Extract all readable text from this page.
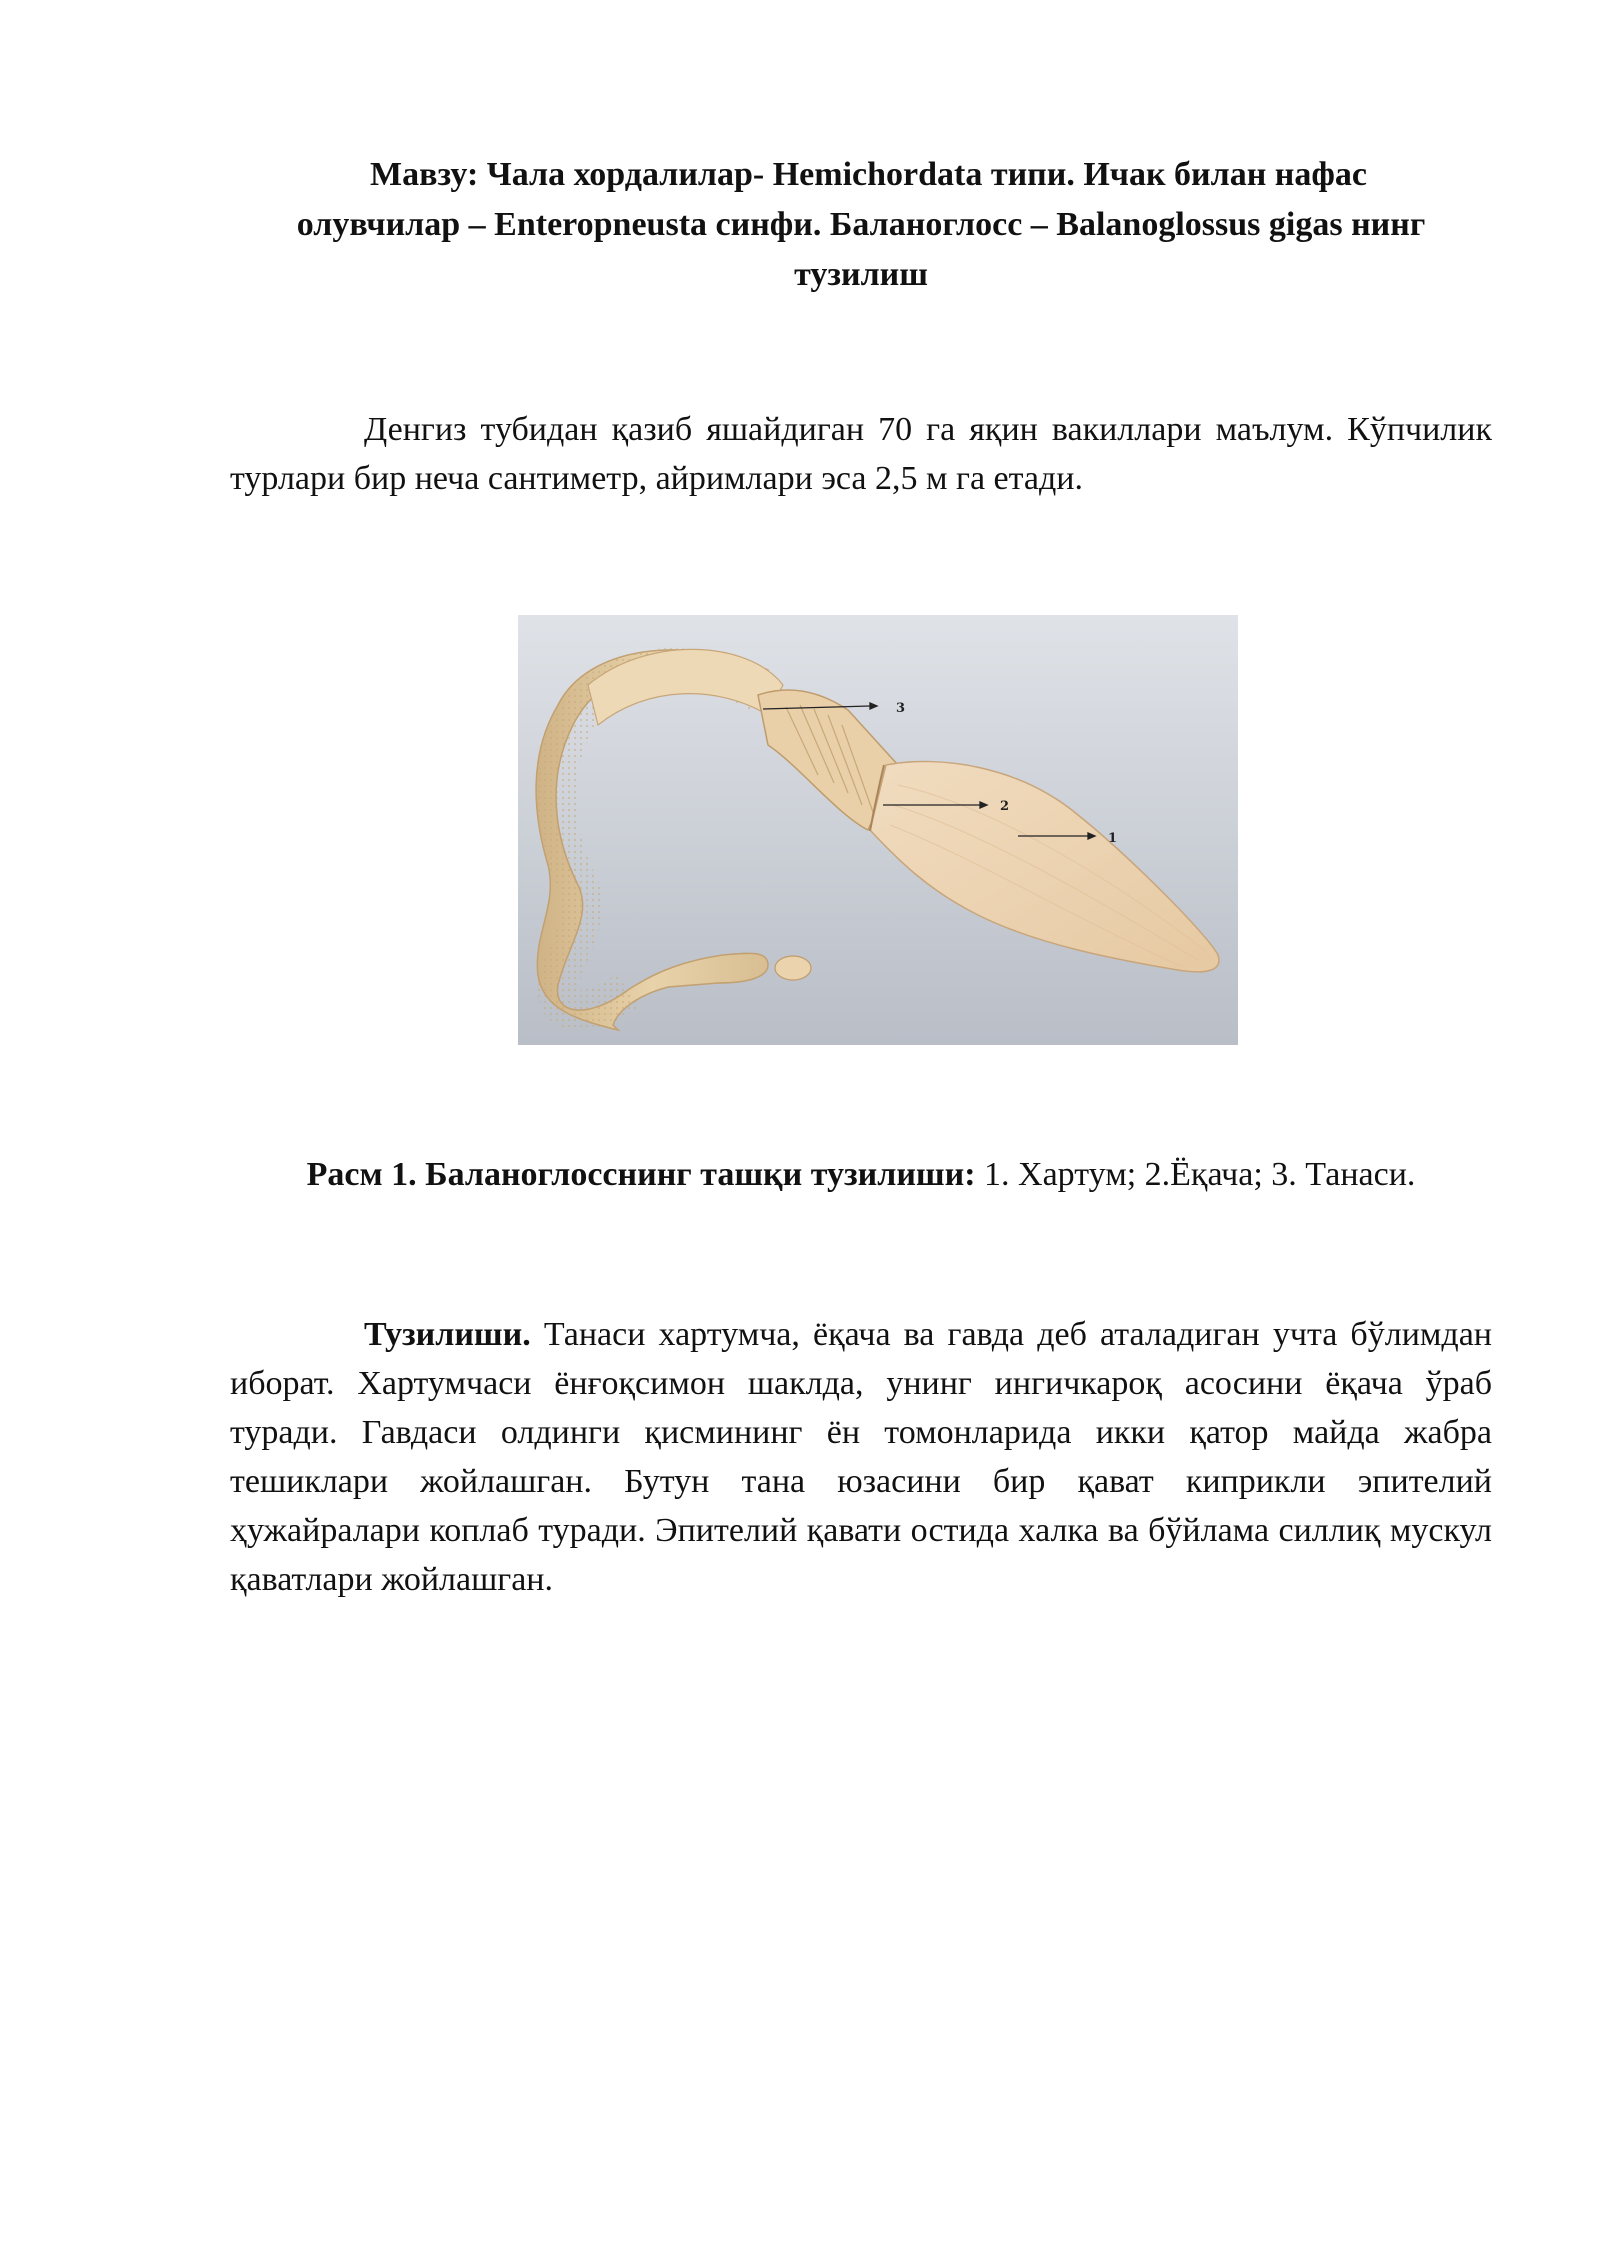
Мавзу: Чала хордалилар- Hemichordata типи. Ичак билан нафас
олувчилар – Enteropneusta синфи. Баланоглосс – Balanoglossus gigas нинг
тузилиш

Денгиз тубидан қазиб яшайдиган 70 га яқин вакиллари маълум. Кўпчилик турлари бир неча сантиметр, айримлари эса 2,5 м га етади.

3
2
1

Расм 1. Баланоглосснинг ташқи тузилиши: 1. Хартум; 2.Ёқача; 3. Танаси.

Тузилиши. Танаси хартумча, ёқача ва гавда деб аталадиган учта бўлимдан иборат. Хартумчаси ёнғоқсимон шаклда, унинг ингичкароқ асосини ёқача ўраб туради. Гавдаси олдинги қисмининг ён томонларида икки қатор майда жабра тешиклари жойлашган. Бутун тана юзасини бир қават киприкли эпителий ҳужайралари коплаб туради. Эпителий қавати остида халка ва бўйлама силлиқ мускул қаватлари жойлашган.
